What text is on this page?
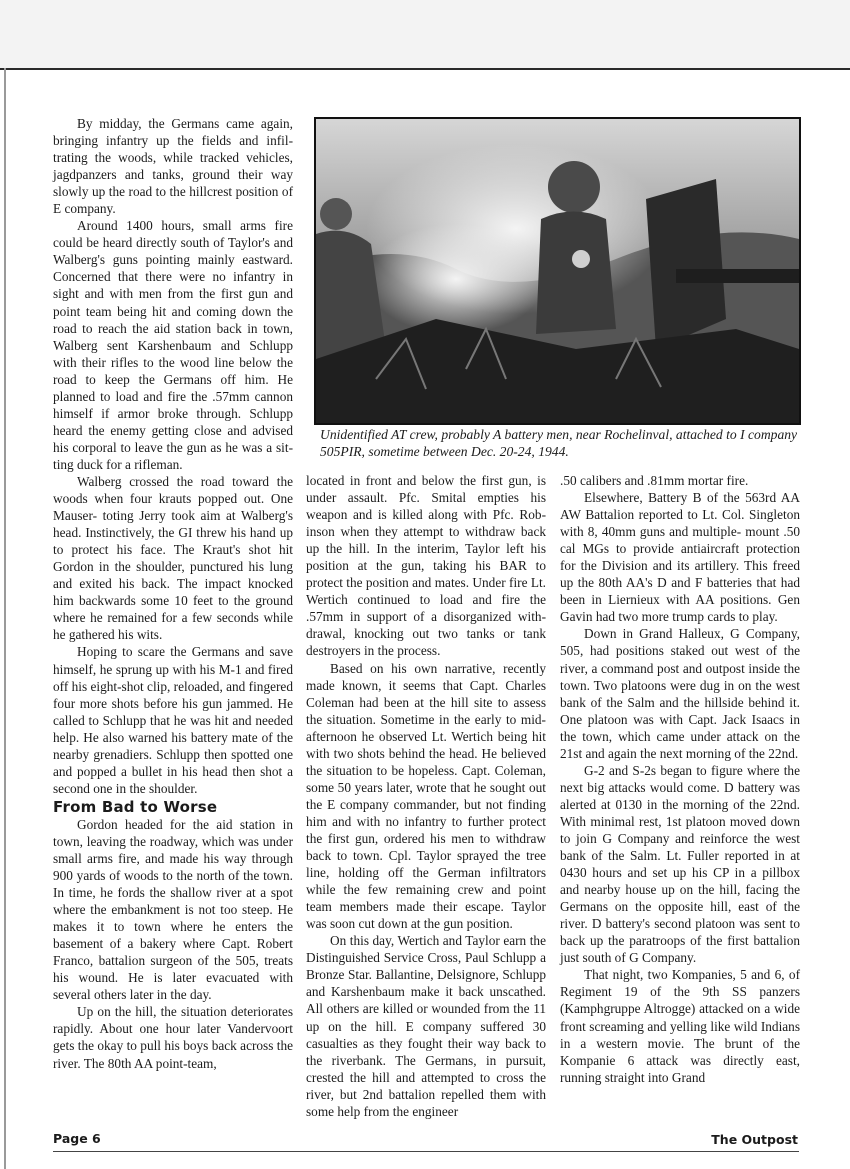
By midday, the Germans came again, bringing infantry up the fields and infiltrating the woods, while tracked vehicles, jagdpanzers and tanks, ground their way slowly up the road to the hillcrest position of E company.

Around 1400 hours, small arms fire could be heard directly south of Taylor's and Walberg's guns pointing mainly eastward. Concerned that there were no infantry in sight and with men from the first gun and point team being hit and coming down the road to reach the aid station back in town, Walberg sent Karshenbaum and Schlupp with their rifles to the wood line below the road to keep the Germans off him. He planned to load and fire the .57mm cannon himself if armor broke through. Schlupp heard the enemy getting close and advised his corporal to leave the gun as he was a sitting duck for a rifleman.

Walberg crossed the road toward the woods when four krauts popped out. One Mauser- toting Jerry took aim at Walberg's head. Instinctively, the GI threw his hand up to protect his face. The Kraut's shot hit Gordon in the shoulder, punctured his lung and exited his back. The impact knocked him backwards some 10 feet to the ground where he remained for a few seconds while he gathered his wits.

Hoping to scare the Germans and save himself, he sprung up with his M-1 and fired off his eight-shot clip, reloaded, and fingered four more shots before his gun jammed. He called to Schlupp that he was hit and needed help. He also warned his battery mate of the nearby grenadiers. Schlupp then spotted one and popped a bullet in his head then shot a second one in the shoulder.

From Bad to Worse

Gordon headed for the aid station in town, leaving the roadway, which was under small arms fire, and made his way through 900 yards of woods to the north of the town. In time, he fords the shallow river at a spot where the embankment is not too steep. He makes it to town where he enters the basement of a bakery where Capt. Robert Franco, battalion surgeon of the 505, treats his wound. He is later evacuated with several others later in the day.

Up on the hill, the situation deteriorates rapidly. About one hour later Vandervoort gets the okay to pull his boys back across the river. The 80th AA point-team,

Unidentified AT crew, probably A battery men, near Rochelinval, attached to I company 505PIR, sometime between Dec. 20-24, 1944.

located in front and below the first gun, is under assault. Pfc. Smital empties his weapon and is killed along with Pfc. Robinson when they attempt to withdraw back up the hill. In the interim, Taylor left his position at the gun, taking his BAR to protect the position and mates. Under fire Lt. Wertich continued to load and fire the .57mm in support of a disorganized withdrawal, knocking out two tanks or tank destroyers in the process.

Based on his own narrative, recently made known, it seems that Capt. Charles Coleman had been at the hill site to assess the situation. Sometime in the early to mid-afternoon he observed Lt. Wertich being hit with two shots behind the head. He believed the situation to be hopeless. Capt. Coleman, some 50 years later, wrote that he sought out the E company commander, but not finding him and with no infantry to further protect the first gun, ordered his men to withdraw back to town. Cpl. Taylor sprayed the tree line, holding off the German infiltrators while the few remaining crew and point team members made their escape. Taylor was soon cut down at the gun position.

On this day, Wertich and Taylor earn the Distinguished Service Cross, Paul Schlupp a Bronze Star. Ballantine, Delsignore, Schlupp and Karshenbaum make it back unscathed. All others are killed or wounded from the 11 up on the hill. E company suffered 30 casualties as they fought their way back to the riverbank. The Germans, in pursuit, crested the hill and attempted to cross the river, but 2nd battalion repelled them with some help from the engineer

.50 calibers and .81mm mortar fire.

Elsewhere, Battery B of the 563rd AA AW Battalion reported to Lt. Col. Singleton with 8, 40mm guns and multiple- mount .50 cal MGs to provide antiaircraft protection for the Division and its artillery. This freed up the 80th AA's D and F batteries that had been in Liernieux with AA positions. Gen Gavin had two more trump cards to play.

Down in Grand Halleux, G Company, 505, had positions staked out west of the river, a command post and outpost inside the town. Two platoons were dug in on the west bank of the Salm and the hillside behind it. One platoon was with Capt. Jack Isaacs in the town, which came under attack on the 21st and again the next morning of the 22nd.

G-2 and S-2s began to figure where the next big attacks would come. D battery was alerted at 0130 in the morning of the 22nd. With minimal rest, 1st platoon moved down to join G Company and reinforce the west bank of the Salm. Lt. Fuller reported in at 0430 hours and set up his CP in a pillbox and nearby house up on the hill, facing the Germans on the opposite hill, east of the river. D battery's second platoon was sent to back up the paratroops of the first battalion just south of G Company.

That night, two Kompanies, 5 and 6, of Regiment 19 of the 9th SS panzers (Kamphgruppe Altrogge) attacked on a wide front screaming and yelling like wild Indians in a western movie. The brunt of the Kompanie 6 attack was directly east, running straight into Grand

Page 6	The Outpost
